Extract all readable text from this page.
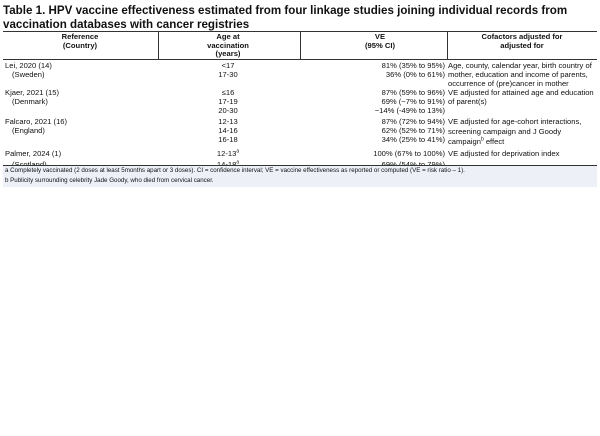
Table 1. HPV vaccine effectiveness estimated from four linkage studies joining individual records from vaccination databases with cancer registries
Reference
(Country)
Age at
vaccination
(years)
VE
(95% CI)
Cofactors adjusted for
adjusted for
Lei, 2020 (14)
(Sweden)
<17
17-30
81% (35% to 95%)
36% (0% to 61%)
Age, county, calendar year, birth country of mother, education and income of parents, occurrence of (pre)cancer in mother
Kjaer, 2021 (15)
(Denmark)
≤16
17-19
20-30
87% (59% to 96%)
69% (−7% to 91%)
−14% (-49% to 13%)
VE adjusted for attained age and education of parent(s)
Falcaro, 2021 (16)
(England)
12-13
14-16
16-18
87% (72% to 94%)
62% (52% to 71%)
34% (25% to 41%)
VE adjusted for age-cohort interactions, screening campaign and J Goody campaign$^b$ effect
Palmer, 2024 (1)	12-13$^a$
$^a$
100% (67% to 100%) VE adjusted for deprivation index
a Completely vaccinated (2 doses at least 5months apart or 3 doses). CI = confidence interval; VE = vaccine effectiveness as reported or computed (VE = risk ratio – 1).
b Publicity surrounding celebrity Jade Goody, who died from cervical cancer.
